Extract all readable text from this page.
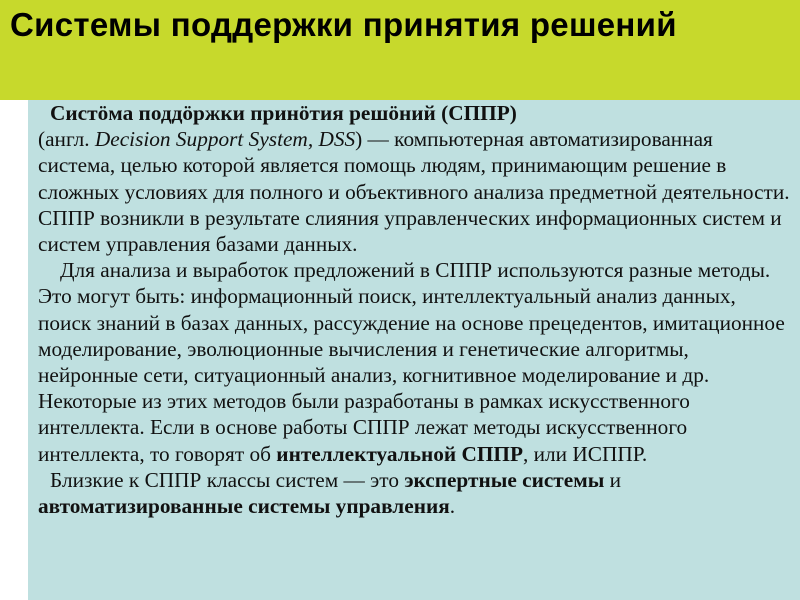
Системы поддержки принятия решений

Систӧма поддӧржки принӧтия решӧний (СППР)
(англ. Decision Support System, DSS) — компьютерная автоматизированная система, целью которой является помощь людям, принимающим решение в сложных условиях для полного и объективного анализа предметной деятельности. СППР возникли в результате слияния управленческих информационных систем и систем управления базами данных.

Для анализа и выработок предложений в СППР используются разные методы. Это могут быть: информационный поиск, интеллектуальный анализ данных, поиск знаний в базах данных, рассуждение на основе прецедентов, имитационное моделирование, эволюционные вычисления и генетические алгоритмы, нейронные сети, ситуационный анализ, когнитивное моделирование и др. Некоторые из этих методов были разработаны в рамках искусственного интеллекта. Если в основе работы СППР лежат методы искусственного интеллекта, то говорят об интеллектуальной СППР, или ИСППР.

Близкие к СППР классы систем — это экспертные системы и автоматизированные системы управления.
